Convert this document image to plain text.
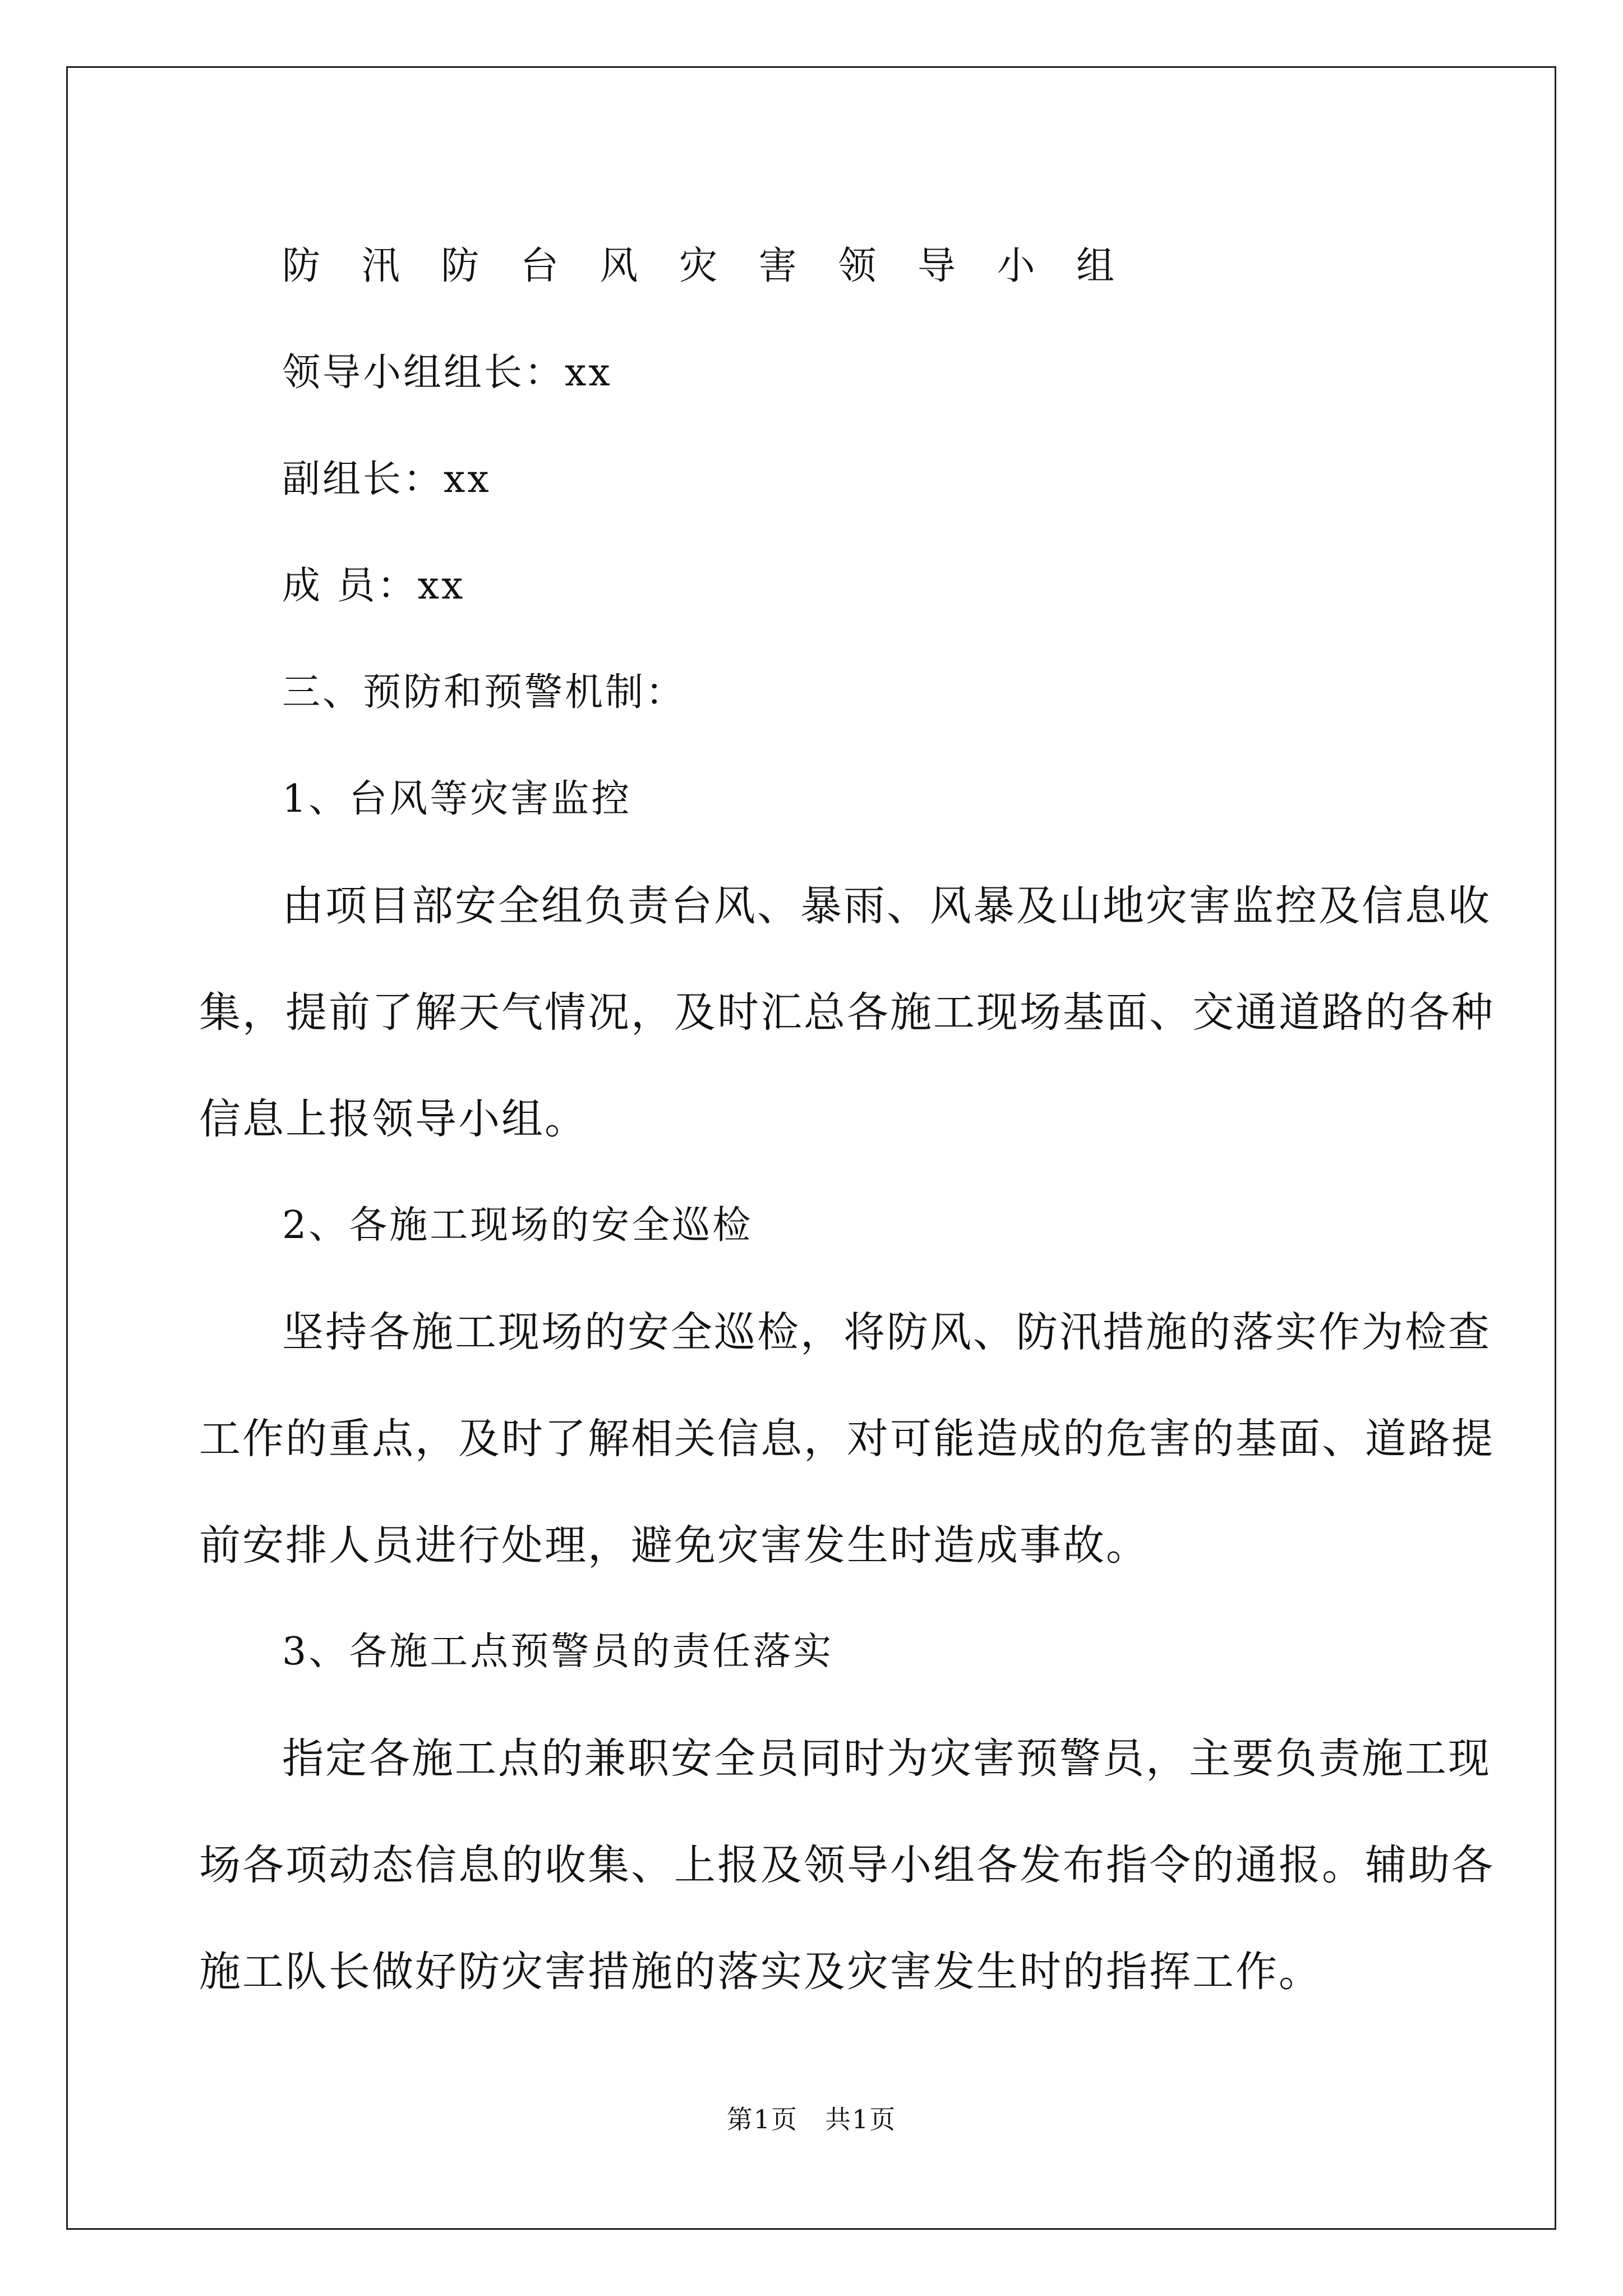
防 汛 防 台 风 灾 害 领 导 小 组

领导小组组长：xx

副组长：xx

成 员：xx

三、预防和预警机制：

1、台风等灾害监控

由项目部安全组负责台风、暴雨、风暴及山地灾害监控及信息收
集，提前了解天气情况，及时汇总各施工现场基面、交通道路的各种
信息上报领导小组。

2、各施工现场的安全巡检

坚持各施工现场的安全巡检，将防风、防汛措施的落实作为检查
工作的重点，及时了解相关信息，对可能造成的危害的基面、道路提
前安排人员进行处理，避免灾害发生时造成事故。

3、各施工点预警员的责任落实

指定各施工点的兼职安全员同时为灾害预警员，主要负责施工现
场各项动态信息的收集、上报及领导小组各发布指令的通报。辅助各
施工队长做好防灾害措施的落实及灾害发生时的指挥工作。
第1页　共1页
